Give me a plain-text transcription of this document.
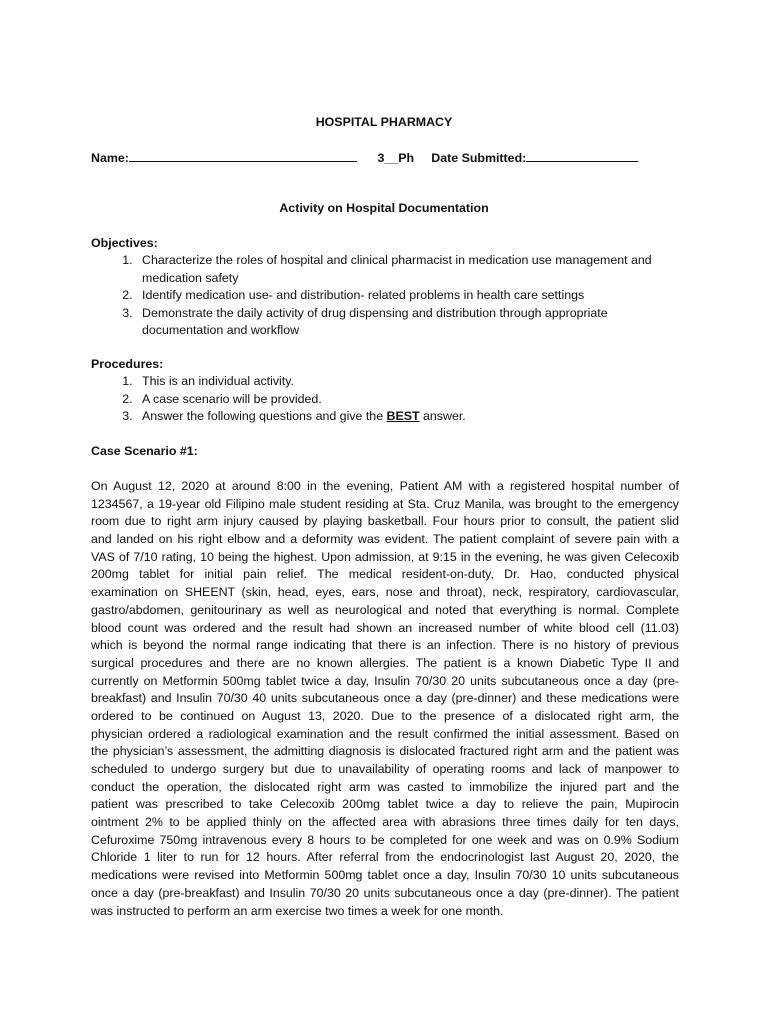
HOSPITAL PHARMACY
Name:	3__Ph Date Submitted:
Activity on Hospital Documentation
Objectives:
1. Characterize the roles of hospital and clinical pharmacist in medication use management and medication safety
2. Identify medication use- and distribution- related problems in health care settings
3. Demonstrate the daily activity of drug dispensing and distribution through appropriate documentation and workflow
Procedures:
1. This is an individual activity.
2. A case scenario will be provided.
3. Answer the following questions and give the BEST answer.
Case Scenario #1:
On August 12, 2020 at around 8:00 in the evening, Patient AM with a registered hospital number of
1234567, a 19-year old Filipino male student residing at Sta. Cruz Manila, was brought to the emergency
room due to right arm injury caused by playing basketball. Four hours prior to consult, the patient slid
and landed on his right elbow and a deformity was evident. The patient complaint of severe pain with a
VAS of 7/10 rating, 10 being the highest. Upon admission, at 9:15 in the evening, he was given Celecoxib
200mg tablet for initial pain relief. The medical resident-on-duty, Dr. Hao, conducted physical
examination on SHEENT (skin, head, eyes, ears, nose and throat), neck, respiratory, cardiovascular,
gastro/abdomen, genitourinary as well as neurological and noted that everything is normal. Complete
blood count was ordered and the result had shown an increased number of white blood cell (11.03)
which is beyond the normal range indicating that there is an infection. There is no history of previous
surgical procedures and there are no known allergies. The patient is a known Diabetic Type II and
currently on Metformin 500mg tablet twice a day, Insulin 70/30 20 units subcutaneous once a day (pre-
breakfast) and Insulin 70/30 40 units subcutaneous once a day (pre-dinner) and these medications were
ordered to be continued on August 13, 2020. Due to the presence of a dislocated right arm, the
physician ordered a radiological examination and the result confirmed the initial assessment. Based on
the physician’s assessment, the admitting diagnosis is dislocated fractured right arm and the patient was
scheduled to undergo surgery but due to unavailability of operating rooms and lack of manpower to
conduct the operation, the dislocated right arm was casted to immobilize the injured part and the
patient was prescribed to take Celecoxib 200mg tablet twice a day to relieve the pain, Mupirocin
ointment 2% to be applied thinly on the affected area with abrasions three times daily for ten days,
Cefuroxime 750mg intravenous every 8 hours to be completed for one week and was on 0.9% Sodium
Chloride 1 liter to run for 12 hours. After referral from the endocrinologist last August 20, 2020, the
medications were revised into Metformin 500mg tablet once a day, Insulin 70/30 10 units subcutaneous
once a day (pre-breakfast) and Insulin 70/30 20 units subcutaneous once a day (pre-dinner). The patient
was instructed to perform an arm exercise two times a week for one month.
